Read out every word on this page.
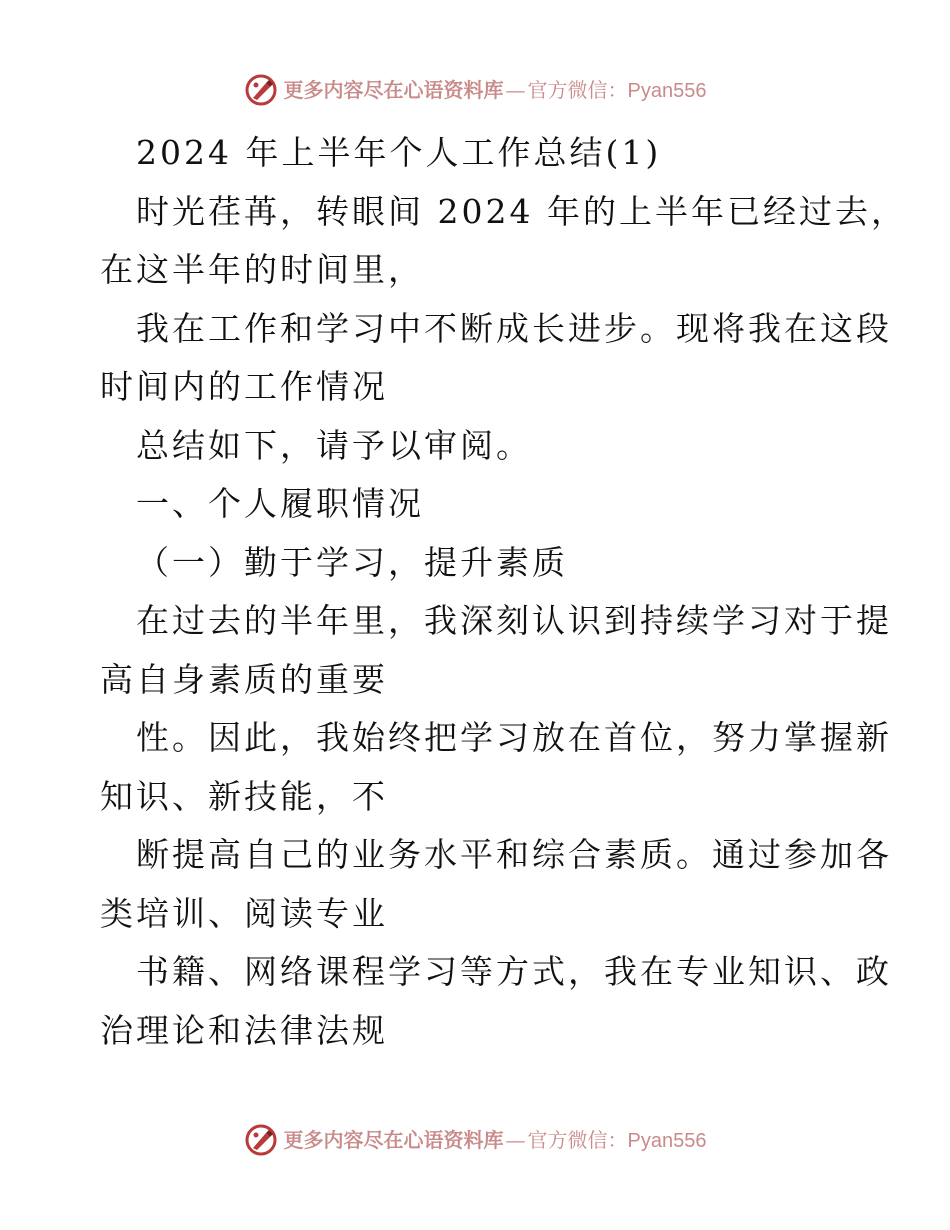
更多内容尽在心语资料库 — 官方微信： Pyan556
2024 年上半年个人工作总结(1)
时光荏苒，转眼间 2024 年的上半年已经过去，
在这半年的时间里，
我在工作和学习中不断成长进步。现将我在这段
时间内的工作情况
总结如下，请予以审阅。
一、个人履职情况
（一）勤于学习，提升素质
在过去的半年里，我深刻认识到持续学习对于提
高自身素质的重要
性。因此，我始终把学习放在首位，努力掌握新
知识、新技能，不
断提高自己的业务水平和综合素质。通过参加各
类培训、阅读专业
书籍、网络课程学习等方式，我在专业知识、政
治理论和法律法规
更多内容尽在心语资料库 — 官方微信： Pyan556
